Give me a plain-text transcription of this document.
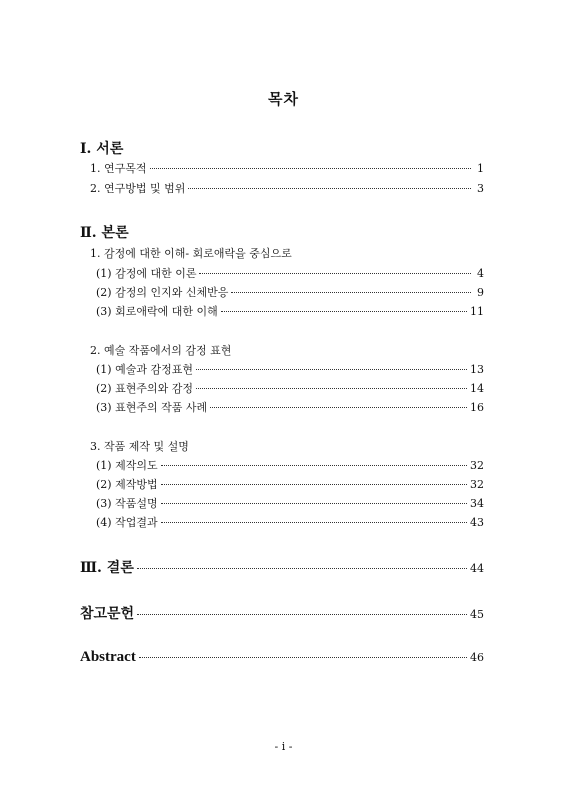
목차
Ⅰ. 서론
1. 연구목적	1
2. 연구방법 및 범위	3
Ⅱ. 본론
1. 감정에 대한 이해- 회로애락을 중심으로
(1) 감정에 대한 이론	4
(2) 감정의 인지와 신체반응	9
(3) 회로애락에 대한 이해	11
2. 예술 작품에서의 감정 표현
(1) 예술과 감정표현	13
(2) 표현주의와 감정	14
(3) 표현주의 작품 사례	16
3. 작품 제작 및 설명
(1) 제작의도	32
(2) 제작방법	32
(3) 작품설명	34
(4) 작업결과	43
Ⅲ. 결론	44
참고문헌	45
Abstract	46
- i -
